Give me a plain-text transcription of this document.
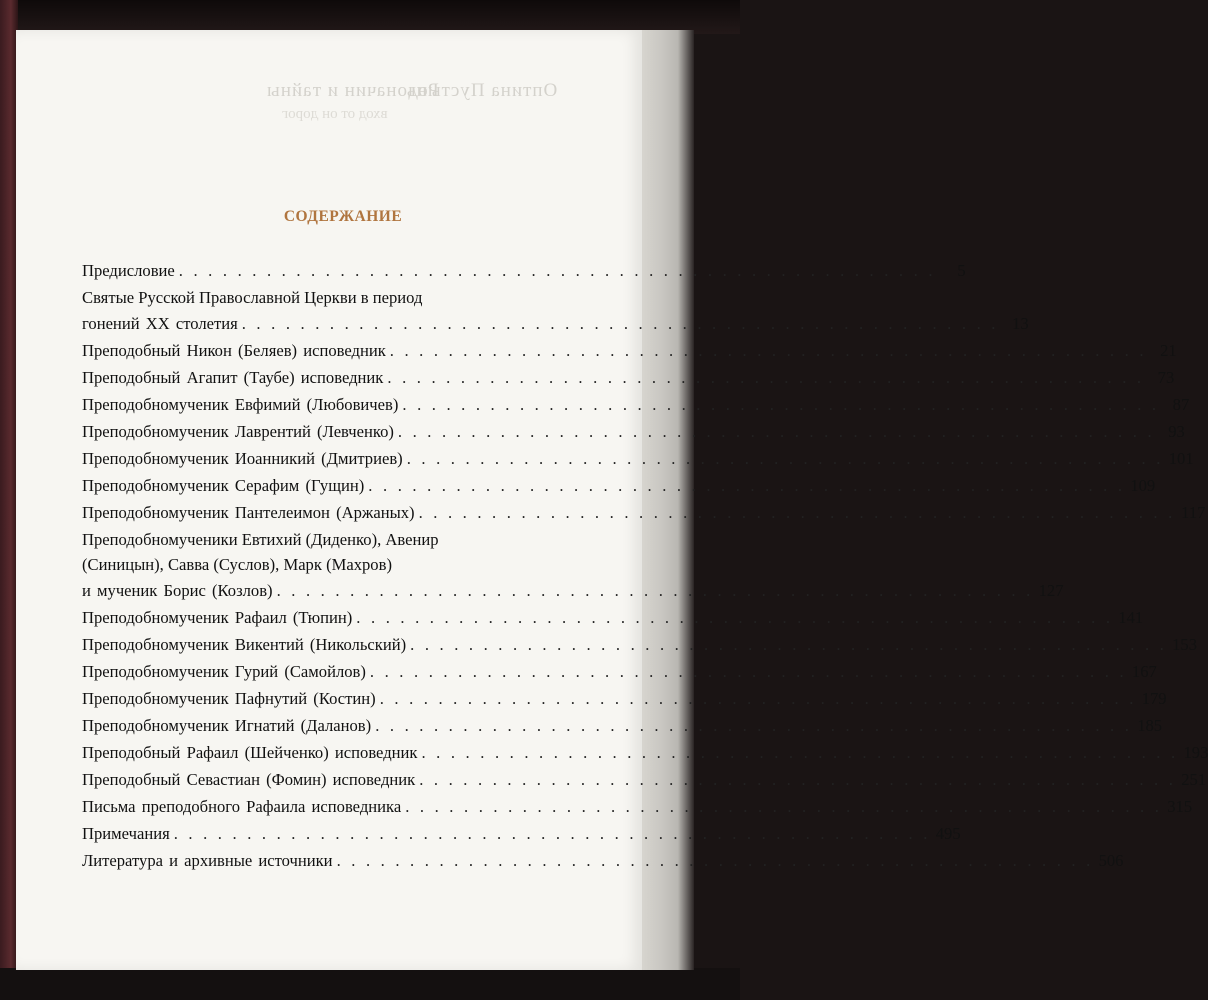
Оптина Пустынь
Родоначин и тайны
вход от он дорог
СОДЕРЖАНИЕ
Предисловие . . . . . . . . . . . . . . . . . . . . . . . . . . . . . . . . . . . . . . . . . . . . . . . . . . . .	5
Святые Русской Православной Церкви в период
гонений XX столетия . . . . . . . . . . . . . . . . . . . . . . . . . . . . . . . . . . . . . . . . . . . . . . . . . . . . 13
Преподобный Никон (Беляев) исповедник . . . . . . . . . . . . . . . . . . . . . . . . . . . . . . . . . . . . . . . . . . . . . . . . . . . . 21
Преподобный Агапит (Таубе) исповедник . . . . . . . . . . . . . . . . . . . . . . . . . . . . . . . . . . . . . . . . . . . . . . . . . . . . 73
Преподобномученик Евфимий (Любовичев) . . . . . . . . . . . . . . . . . . . . . . . . . . . . . . . . . . . . . . . . . . . . . . . . . . . . 87
Преподобномученик Лаврентий (Левченко) . . . . . . . . . . . . . . . . . . . . . . . . . . . . . . . . . . . . . . . . . . . . . . . . . . . . 93
Преподобномученик Иоанникий (Дмитриев) . . . . . . . . . . . . . . . . . . . . . . . . . . . . . . . . . . . . . . . . . . . . . . . . . . . . 101
Преподобномученик Серафим (Гущин) . . . . . . . . . . . . . . . . . . . . . . . . . . . . . . . . . . . . . . . . . . . . . . . . . . . . 109
Преподобномученик Пантелеимон (Аржаных) . . . . . . . . . . . . . . . . . . . . . . . . . . . . . . . . . . . . . . . . . . . . . . . . . . . . 117
Преподобномученики Евтихий (Диденко), Авенир
(Синицын), Савва (Суслов), Марк (Махров)
и мученик Борис (Козлов) . . . . . . . . . . . . . . . . . . . . . . . . . . . . . . . . . . . . . . . . . . . . . . . . . . . . 127
Преподобномученик Рафаил (Тюпин) . . . . . . . . . . . . . . . . . . . . . . . . . . . . . . . . . . . . . . . . . . . . . . . . . . . . 141
Преподобномученик Викентий (Никольский) . . . . . . . . . . . . . . . . . . . . . . . . . . . . . . . . . . . . . . . . . . . . . . . . . . . . 153
Преподобномученик Гурий (Самойлов) . . . . . . . . . . . . . . . . . . . . . . . . . . . . . . . . . . . . . . . . . . . . . . . . . . . . 167
Преподобномученик Пафнутий (Костин) . . . . . . . . . . . . . . . . . . . . . . . . . . . . . . . . . . . . . . . . . . . . . . . . . . . . 179
Преподобномученик Игнатий (Даланов) . . . . . . . . . . . . . . . . . . . . . . . . . . . . . . . . . . . . . . . . . . . . . . . . . . . . 185
Преподобный Рафаил (Шейченко) исповедник . . . . . . . . . . . . . . . . . . . . . . . . . . . . . . . . . . . . . . . . . . . . . . . . . . . . 193
Преподобный Севастиан (Фомин) исповедник . . . . . . . . . . . . . . . . . . . . . . . . . . . . . . . . . . . . . . . . . . . . . . . . . . . . 251
Письма преподобного Рафаила исповедника . . . . . . . . . . . . . . . . . . . . . . . . . . . . . . . . . . . . . . . . . . . . . . . . . . . . 315
Примечания . . . . . . . . . . . . . . . . . . . . . . . . . . . . . . . . . . . . . . . . . . . . . . . . . . . . 495
Литература и архивные источники . . . . . . . . . . . . . . . . . . . . . . . . . . . . . . . . . . . . . . . . . . . . . . . . . . . . 506
